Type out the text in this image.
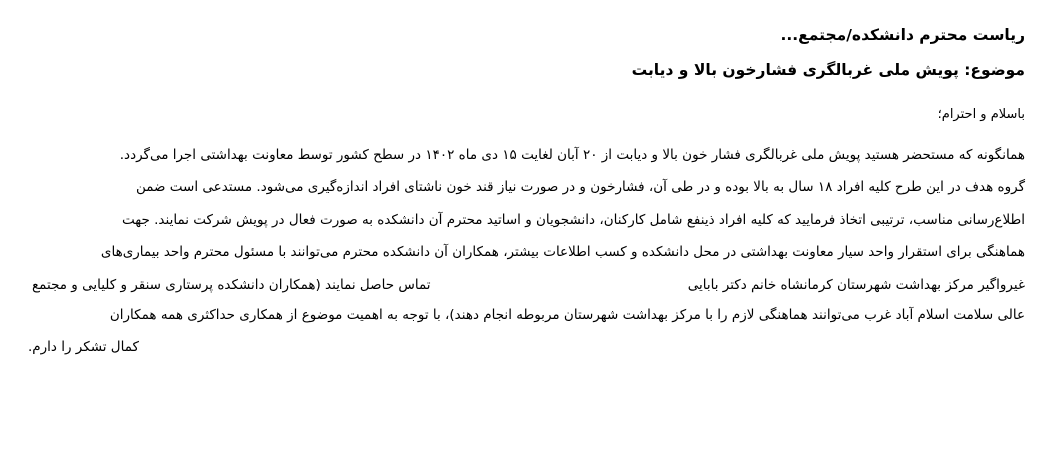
ریاست محترم دانشکده/مجتمع...
موضوع: پویش ملی غربالگری فشارخون بالا و دیابت
باسلام و احترام؛

همانگونه که مستحضر هستید پویش ملی غربالگری فشار خون بالا و دیابت از ۲۰ آبان لغایت ۱۵ دی ماه ۱۴۰۲ در سطح کشور توسط معاونت بهداشتی اجرا می‌گردد.

گروه هدف در این طرح کلیه افراد ۱۸ سال به بالا بوده و در طی آن، فشارخون و در صورت نیاز قند خون ناشتای افراد اندازه‌گیری می‌شود. مستدعی است ضمن

اطلاع‌رسانی مناسب، ترتیبی اتخاذ فرمایید که کلیه افراد ذینفع شامل کارکنان، دانشجویان و اساتید محترم آن دانشکده به صورت فعال در پویش شرکت نمایند. جهت

هماهنگی برای استقرار واحد سیار معاونت بهداشتی در محل دانشکده و کسب اطلاعات بیشتر، همکاران آن دانشکده محترم می‌توانند با مسئول محترم واحد بیماری‌های

غیرواگیر مرکز بهداشت شهرستان کرمانشاه خانم دکتر بابایی
تماس حاصل نمایند (همکاران دانشکده پرستاری سنقر و کلیایی و مجتمع

عالی سلامت اسلام آباد غرب می‌توانند هماهنگی لازم را با مرکز بهداشت شهرستان مربوطه انجام دهند)، با توجه به اهمیت موضوع از همکاری حداکثری همه همکاران

کمال تشکر را دارم.
